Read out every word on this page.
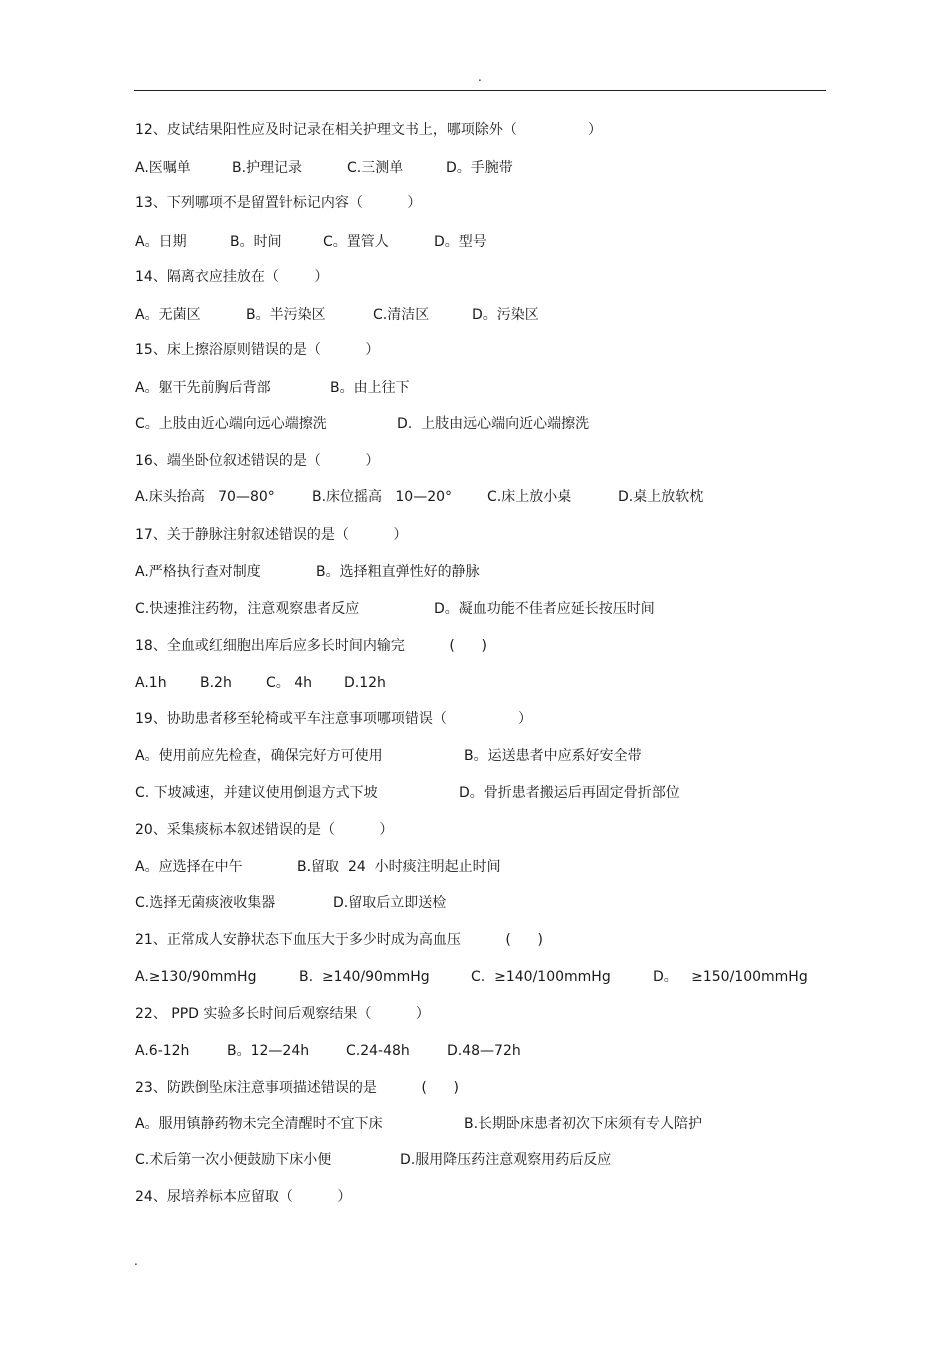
.
12、皮试结果阳性应及时记录在相关护理文书上，哪项除外（                ）
A.医嘱单	B.护理记录	C.三测单	D。手腕带
13、下列哪项不是留置针标记内容（          ）
A。日期	B。时间	C。置管人	D。型号
14、隔离衣应挂放在（        ）
A。无菌区	B。半污染区	C.清洁区	D。污染区
15、床上擦浴原则错误的是（          ）
A。躯干先前胸后背部	B。由上往下
C。上肢由近心端向远心端擦洗	D.  上肢由远心端向近心端擦洗
16、端坐卧位叙述错误的是（          ）
A.床头抬高   70—80°	B.床位摇高   10—20° C.床上放小桌	D.桌上放软枕
17、关于静脉注射叙述错误的是（          ）
A.严格执行查对制度	B。选择粗直弹性好的静脉
C.快速推注药物，注意观察患者反应	D。凝血功能不佳者应延长按压时间
18、全血或红细胞出库后应多长时间内输完          (      )
A.1h B.2h C。 4h D.12h
19、协助患者移至轮椅或平车注意事项哪项错误（                ）
A。使用前应先检查，确保完好方可使用	B。运送患者中应系好安全带
C. 下坡减速，并建议使用倒退方式下坡	D。骨折患者搬运后再固定骨折部位
20、采集痰标本叙述错误的是（          ）
A。应选择在中午	B.留取  24  小时痰注明起止时间
C.选择无菌痰液收集器	D.留取后立即送检
21、正常成人安静状态下血压大于多少时成为高血压          (      )
A.≥130/90mmHg	B.  ≥140/90mmHg	C.  ≥140/100mmHg	D。   ≥150/100mmHg
22、 PPD 实验多长时间后观察结果（          ）
A.6-12h	B。12—24h	C.24-48h	D.48—72h
23、防跌倒坠床注意事项描述错误的是          (      )
A。服用镇静药物未完全清醒时不宜下床	B.长期卧床患者初次下床须有专人陪护
C.术后第一次小便鼓励下床小便	D.服用降压药注意观察用药后反应
24、尿培养标本应留取（          ）
.
